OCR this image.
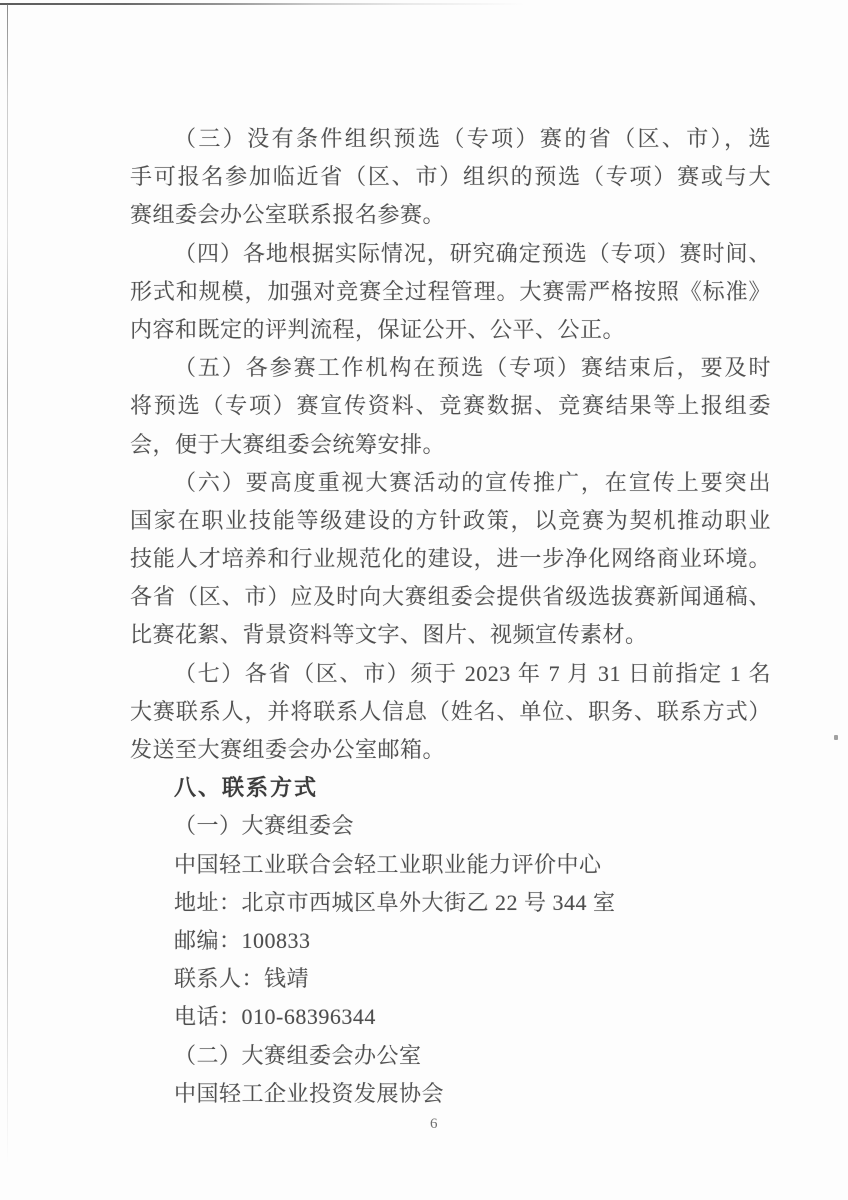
（三）没有条件组织预选（专项）赛的省（区、市），选
手可报名参加临近省（区、市）组织的预选（专项）赛或与大
赛组委会办公室联系报名参赛。
（四）各地根据实际情况，研究确定预选（专项）赛时间、
形式和规模，加强对竞赛全过程管理。大赛需严格按照《标准》
内容和既定的评判流程，保证公开、公平、公正。
（五）各参赛工作机构在预选（专项）赛结束后，要及时
将预选（专项）赛宣传资料、竞赛数据、竞赛结果等上报组委
会，便于大赛组委会统筹安排。
（六）要高度重视大赛活动的宣传推广，在宣传上要突出
国家在职业技能等级建设的方针政策，以竞赛为契机推动职业
技能人才培养和行业规范化的建设，进一步净化网络商业环境。
各省（区、市）应及时向大赛组委会提供省级选拔赛新闻通稿、
比赛花絮、背景资料等文字、图片、视频宣传素材。
（七）各省（区、市）须于 2023 年 7 月 31 日前指定 1 名
大赛联系人，并将联系人信息（姓名、单位、职务、联系方式）
发送至大赛组委会办公室邮箱。
八、联系方式
（一）大赛组委会
中国轻工业联合会轻工业职业能力评价中心
地址：北京市西城区阜外大街乙 22 号 344 室
邮编：100833
联系人：钱靖
电话：010-68396344
（二）大赛组委会办公室
中国轻工企业投资发展协会
6
